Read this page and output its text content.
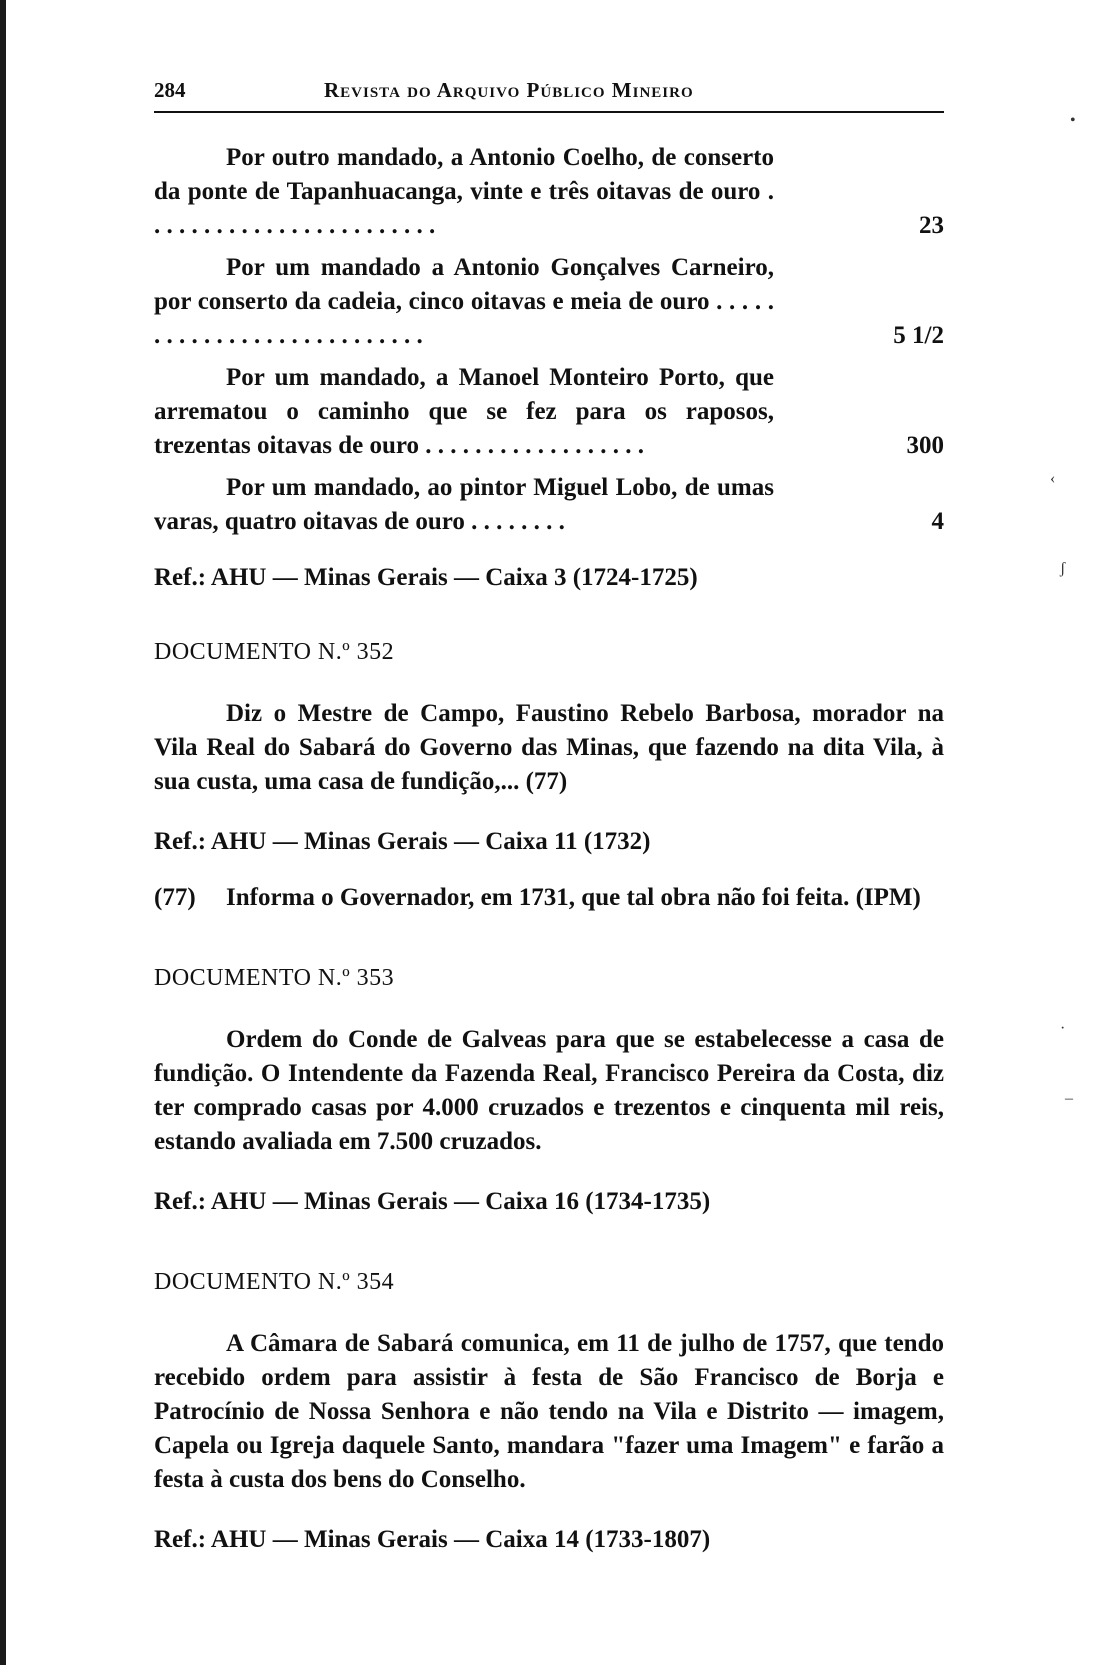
284	Revista do Arquivo Público Mineiro

Por outro mandado, a Antonio Coelho, de conserto da ponte de Tapanhuacanga, vinte e três oitavas de ouro . . . . . . . . . . . . . . . . . . . . . . . .	23

Por um mandado a Antonio Gonçalves Carneiro, por conserto da cadeia, cinco oitavas e meia de ouro . . . . . . . . . . . . . . . . . . . . . . . . . . .	5 1/2

Por um mandado, a Manoel Monteiro Porto, que arrematou o caminho que se fez para os raposos, trezentas oitavas de ouro . . . . . . . . . . . . . . . . . .	300

Por um mandado, ao pintor Miguel Lobo, de umas varas, quatro oitavas de ouro . . . . . . . .	4

Ref.: AHU — Minas Gerais — Caixa 3 (1724-1725)

DOCUMENTO N.º 352

Diz o Mestre de Campo, Faustino Rebelo Barbosa, morador na Vila Real do Sabará do Governo das Minas, que fazendo na dita Vila, à sua custa, uma casa de fundição,... (77)

Ref.: AHU — Minas Gerais — Caixa 11 (1732)

(77)	Informa o Governador, em 1731, que tal obra não foi feita. (IPM)
DOCUMENTO N.º 353

Ordem do Conde de Galveas para que se estabelecesse a casa de fundição. O Intendente da Fazenda Real, Francisco Pereira da Costa, diz ter comprado casas por 4.000 cruzados e trezentos e cinquenta mil reis, estando avaliada em 7.500 cruzados.

Ref.: AHU — Minas Gerais — Caixa 16 (1734-1735)

DOCUMENTO N.º 354

A Câmara de Sabará comunica, em 11 de julho de 1757, que tendo recebido ordem para assistir à festa de São Francisco de Borja e Patrocínio de Nossa Senhora e não tendo na Vila e Distrito — imagem, Capela ou Igreja daquele Santo, mandara "fazer uma Imagem" e farão a festa à custa dos bens do Conselho.

Ref.: AHU — Minas Gerais — Caixa 14 (1733-1807)

•
‹
ʃ
·
–
